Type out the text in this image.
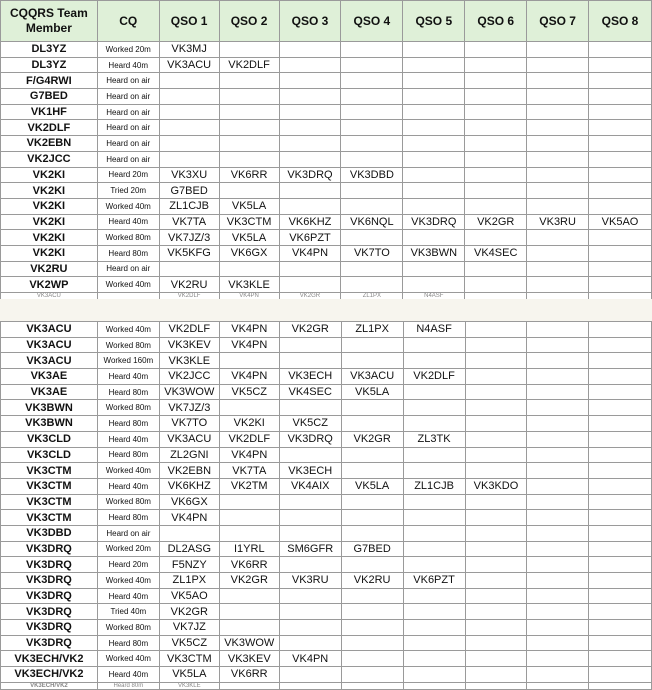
CQQRS Team Member	CQ	QSO 1	QSO 2	QSO 3	QSO 4	QSO 5	QSO 6	QSO 7	QSO 8
DL3YZ	Worked 20m	VK3MJ							
DL3YZ	Heard 40m	VK3ACU	VK2DLF						
F/G4RWI	Heard on air								
G7BED	Heard on air								
VK1HF	Heard on air								
VK2DLF	Heard on air								
VK2EBN	Heard on air								
VK2JCC	Heard on air								
VK2KI	Heard 20m	VK3XU	VK6RR	VK3DRQ	VK3DBD				
VK2KI	Tried 20m	G7BED							
VK2KI	Worked 40m	ZL1CJB	VK5LA						
VK2KI	Heard 40m	VK7TA	VK3CTM	VK6KHZ	VK6NQL	VK3DRQ	VK2GR	VK3RU	VK5AO
VK2KI	Worked 80m	VK7JZ/3	VK5LA	VK6PZT					
VK2KI	Heard 80m	VK5KFG	VK6GX	VK4PN	VK7TO	VK3BWN	VK4SEC		
VK2RU	Heard on air								
VK2WP	Worked 40m	VK2RU	VK3KLE						
VK3ACU		VK2DLF	VK4PN	VK2GR	ZL1PX	N4ASF			
VK3ACU	Worked 40m	VK2DLF	VK4PN	VK2GR	ZL1PX	N4ASF			
VK3ACU	Worked 80m	VK3KEV	VK4PN						
VK3ACU	Worked 160m	VK3KLE							
VK3AE	Heard 40m	VK2JCC	VK4PN	VK3ECH	VK3ACU	VK2DLF			
VK3AE	Heard 80m	VK3WOW	VK5CZ	VK4SEC	VK5LA				
VK3BWN	Worked 80m	VK7JZ/3							
VK3BWN	Heard 80m	VK7TO	VK2KI	VK5CZ					
VK3CLD	Heard 40m	VK3ACU	VK2DLF	VK3DRQ	VK2GR	ZL3TK			
VK3CLD	Heard 80m	ZL2GNI	VK4PN						
VK3CTM	Worked 40m	VK2EBN	VK7TA	VK3ECH					
VK3CTM	Heard 40m	VK6KHZ	VK2TM	VK4AIX	VK5LA	ZL1CJB	VK3KDO		
VK3CTM	Worked 80m	VK6GX							
VK3CTM	Heard 80m	VK4PN							
VK3DBD	Heard on air								
VK3DRQ	Worked 20m	DL2ASG	I1YRL	SM6GFR	G7BED				
VK3DRQ	Heard 20m	F5NZY	VK6RR						
VK3DRQ	Worked 40m	ZL1PX	VK2GR	VK3RU	VK2RU	VK6PZT			
VK3DRQ	Heard 40m	VK5AO							
VK3DRQ	Tried 40m	VK2GR							
VK3DRQ	Worked 80m	VK7JZ							
VK3DRQ	Heard 80m	VK5CZ	VK3WOW						
VK3ECH/VK2	Worked 40m	VK3CTM	VK3KEV	VK4PN					
VK3ECH/VK2	Heard 40m	VK5LA	VK6RR						
VK3ECH/VK2	Heard 80m	VK3KLE							
